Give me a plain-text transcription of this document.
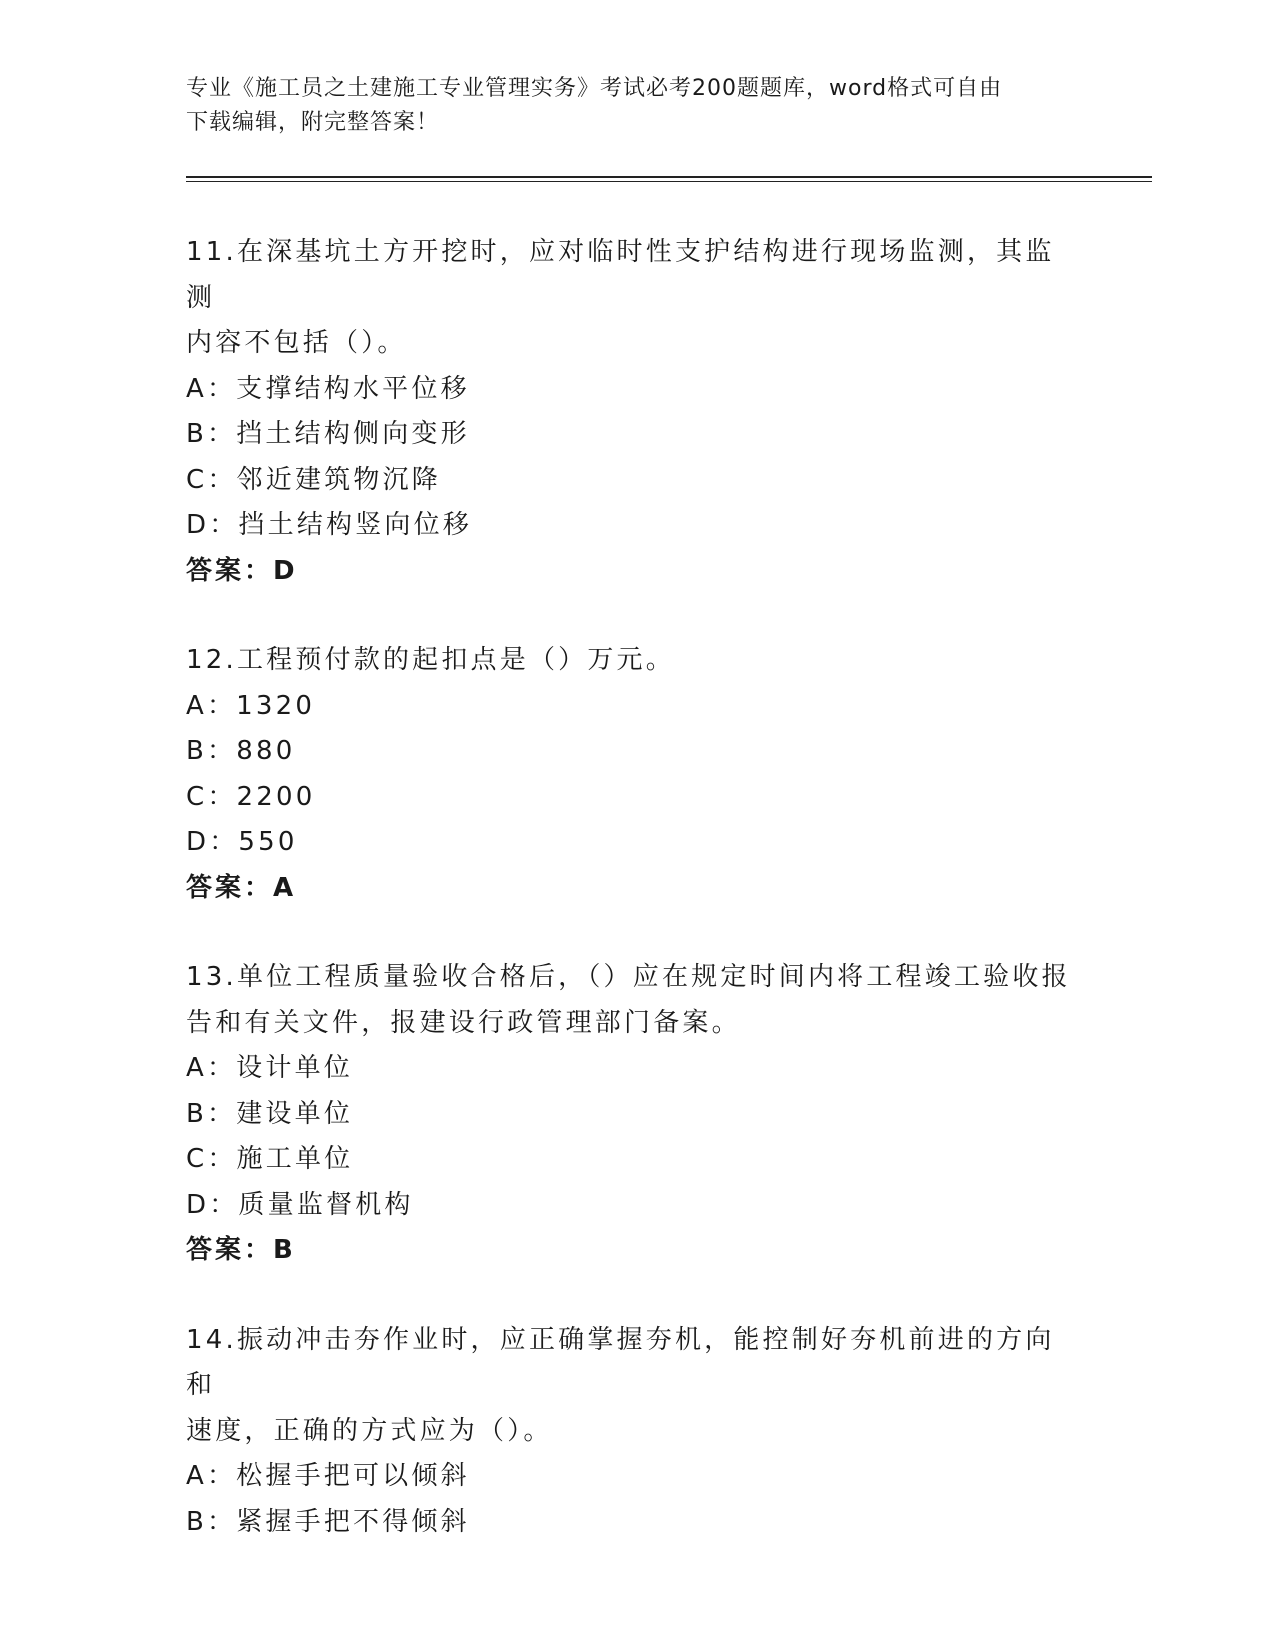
专业《施工员之土建施工专业管理实务》考试必考200题题库，word格式可自由
下载编辑，附完整答案！
11.在深基坑土方开挖时，应对临时性支护结构进行现场监测，其监测
内容不包括（）。
A：支撑结构水平位移
B：挡土结构侧向变形
C：邻近建筑物沉降
D：挡土结构竖向位移
答案：D
12.工程预付款的起扣点是（）万元。
A：1320
B：880
C：2200
D：550
答案：A
13.单位工程质量验收合格后，（）应在规定时间内将工程竣工验收报
告和有关文件，报建设行政管理部门备案。
A：设计单位
B：建设单位
C：施工单位
D：质量监督机构
答案：B
14.振动冲击夯作业时，应正确掌握夯机，能控制好夯机前进的方向和
速度，正确的方式应为（）。
A：松握手把可以倾斜
B：紧握手把不得倾斜
